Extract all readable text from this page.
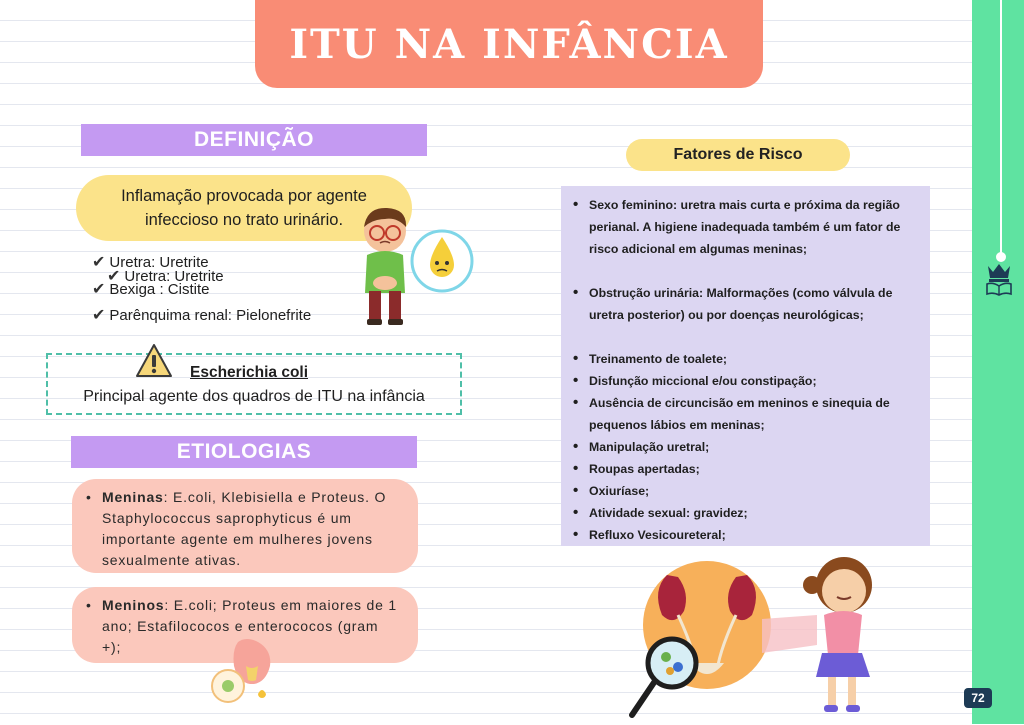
ITU NA INFÂNCIA
DEFINIÇÃO
Inflamação provocada por agente
infeccioso no trato urinário.
✔ Uretra: Uretrite
✔ Uretra: Uretrite
✔ Bexiga : Cistite
✔ Parênquima renal: Pielonefrite
Escherichia coli
Principal agente dos quadros de ITU na infância
ETIOLOGIAS
• Meninas: E.coli, Klebisiella e Proteus. O Staphylococcus saprophyticus é um importante agente em mulheres jovens sexualmente ativas.
• Meninos: E.coli; Proteus em maiores de 1 ano; Estafilococos e enterococos (gram +);
Fatores de Risco
• Sexo feminino: uretra mais curta e próxima da região perianal. A higiene inadequada também é um fator de risco adicional em algumas meninas;
• Obstrução urinária: Malformações (como válvula de uretra posterior) ou por doenças neurológicas;
• Treinamento de toalete;
• Disfunção miccional e/ou constipação;
• Ausência de circuncisão em meninos e sinequia de pequenos lábios em meninas;
• Manipulação uretral;
• Roupas apertadas;
• Oxiuríase;
• Atividade sexual: gravidez;
• Refluxo Vesicoureteral;
72
